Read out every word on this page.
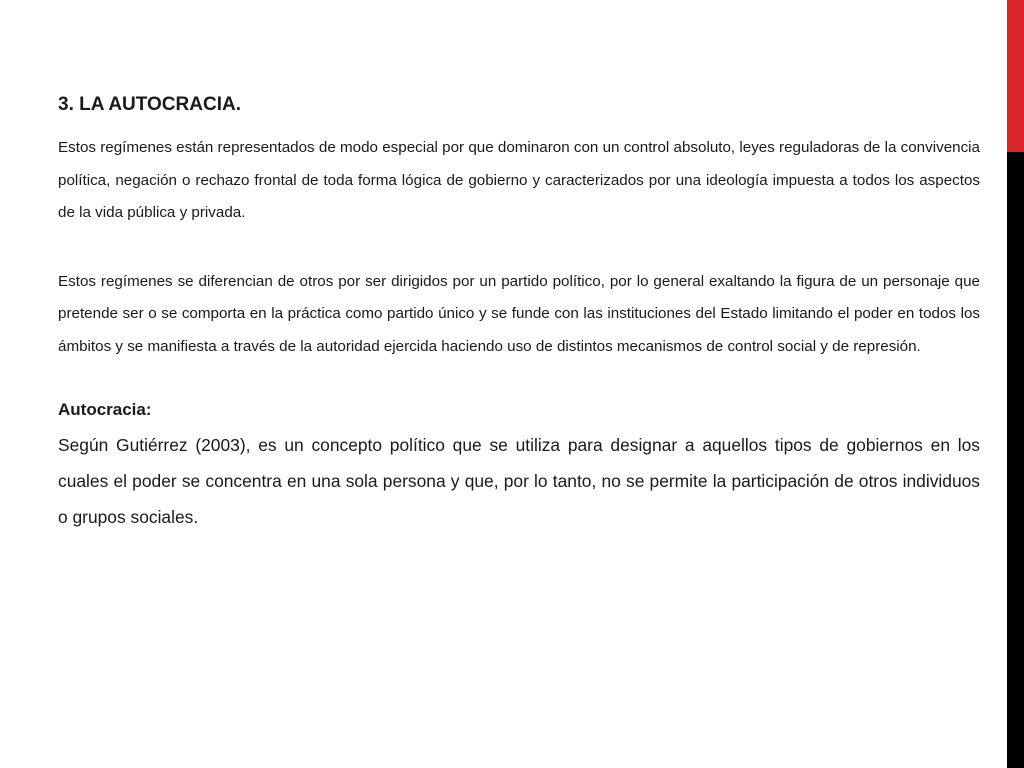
3. LA AUTOCRACIA.

Estos regímenes están representados de modo especial por que dominaron con un control absoluto, leyes reguladoras de la convivencia política, negación o rechazo frontal de toda forma lógica de gobierno y caracterizados por una ideología impuesta a todos los aspectos de la vida pública y privada.

Estos regímenes se diferencian de otros por ser dirigidos por un partido político, por lo general exaltando la figura de un personaje que pretende ser o se comporta en la práctica como partido único y se funde con las instituciones del Estado limitando el poder en todos los ámbitos y se manifiesta a través de la autoridad ejercida haciendo uso de distintos mecanismos de control social y de represión.

Autocracia:

Según Gutiérrez (2003), es un concepto político que se utiliza para designar a aquellos tipos de gobiernos en los cuales el poder se concentra en una sola persona y que, por lo tanto, no se permite la participación de otros individuos o grupos sociales.
